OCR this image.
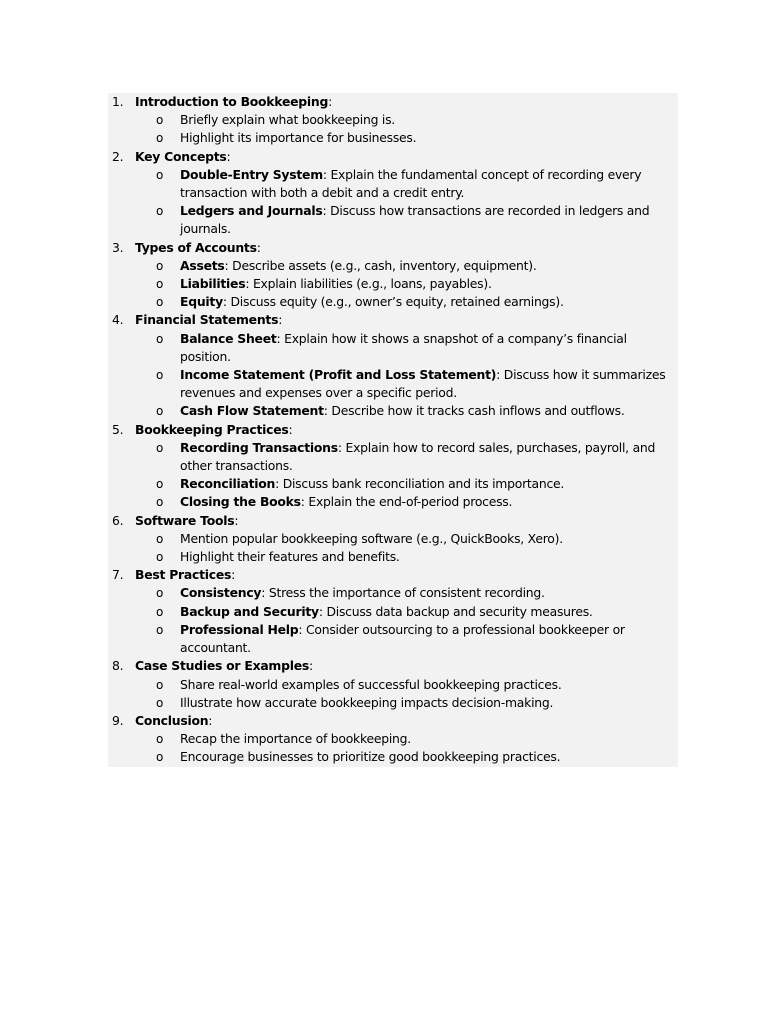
1. Introduction to Bookkeeping:
o Briefly explain what bookkeeping is.
o Highlight its importance for businesses.
2. Key Concepts:
o Double-Entry System: Explain the fundamental concept of recording every transaction with both a debit and a credit entry.
o Ledgers and Journals: Discuss how transactions are recorded in ledgers and journals.
3. Types of Accounts:
o Assets: Describe assets (e.g., cash, inventory, equipment).
o Liabilities: Explain liabilities (e.g., loans, payables).
o Equity: Discuss equity (e.g., owner’s equity, retained earnings).
4. Financial Statements:
o Balance Sheet: Explain how it shows a snapshot of a company’s financial position.
o Income Statement (Profit and Loss Statement): Discuss how it summarizes revenues and expenses over a specific period.
o Cash Flow Statement: Describe how it tracks cash inflows and outflows.
5. Bookkeeping Practices:
o Recording Transactions: Explain how to record sales, purchases, payroll, and other transactions.
o Reconciliation: Discuss bank reconciliation and its importance.
o Closing the Books: Explain the end-of-period process.
6. Software Tools:
o Mention popular bookkeeping software (e.g., QuickBooks, Xero).
o Highlight their features and benefits.
7. Best Practices:
o Consistency: Stress the importance of consistent recording.
o Backup and Security: Discuss data backup and security measures.
o Professional Help: Consider outsourcing to a professional bookkeeper or accountant.
8. Case Studies or Examples:
o Share real-world examples of successful bookkeeping practices.
o Illustrate how accurate bookkeeping impacts decision-making.
9. Conclusion:
o Recap the importance of bookkeeping.
o Encourage businesses to prioritize good bookkeeping practices.
